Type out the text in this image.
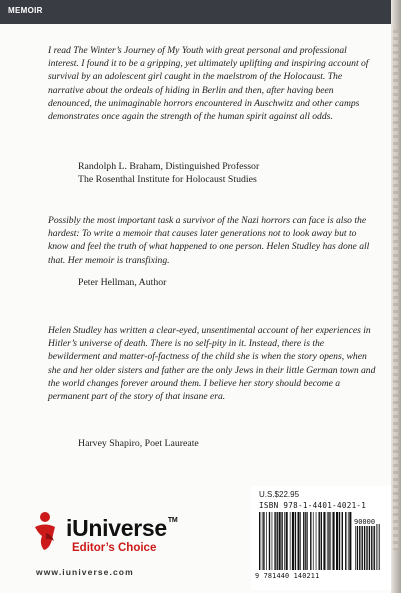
MEMOIR

I read The Winter’s Journey of My Youth with great personal and professional interest. I found it to be a gripping, yet ultimately uplifting and inspiring account of survival by an adolescent girl caught in the maelstrom of the Holocaust. The narrative about the ordeals of hiding in Berlin and then, after having been denounced, the unimaginable horrors encountered in Auschwitz and other camps demonstrates once again the strength of the human spirit against all odds.

Randolph L. Braham, Distinguished Professor
The Rosenthal Institute for Holocaust Studies

Possibly the most important task a survivor of the Nazi horrors can face is also the hardest: To write a memoir that causes later generations not to look away but to know and feel the truth of what happened to one person. Helen Studley has done all that. Her memoir is transfixing.

Peter Hellman, Author

Helen Studley has written a clear-eyed, unsentimental account of her experiences in Hitler’s universe of death. There is no self-pity in it. Instead, there is the bewilderment and matter-of-factness of the child she is when the story opens, when she and her older sisters and father are the only Jews in their little German town and the world changes forever around them. I believe her story should become a permanent part of the story of that insane era.

Harvey Shapiro, Poet Laureate
iUniverse™
Editor’s Choice
www.iuniverse.com
U.S.$22.95
ISBN 978-1-4401-4021-1
90000
9 781440 140211
